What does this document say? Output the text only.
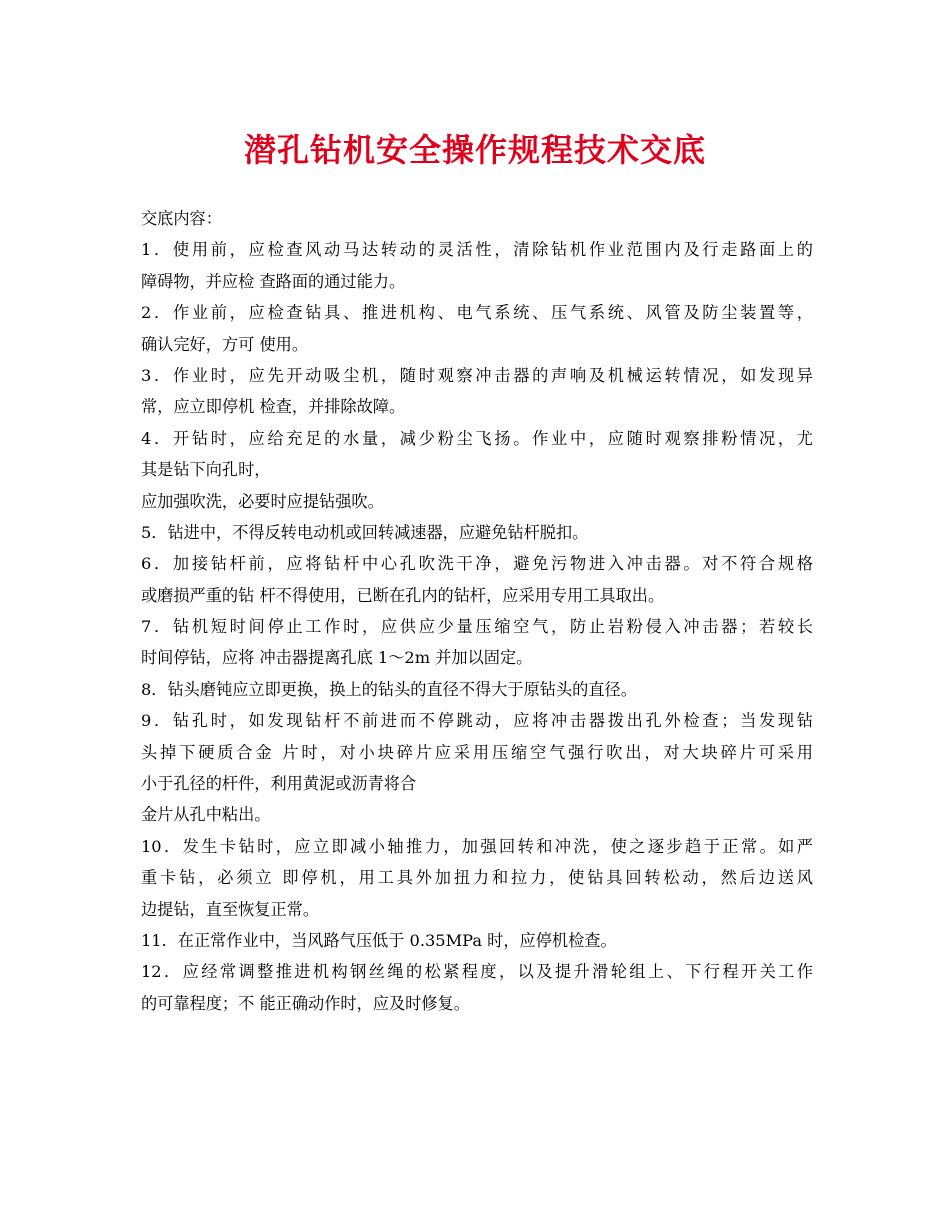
潜孔钻机安全操作规程技术交底
交底内容：
1．使用前，应检查风动马达转动的灵活性，清除钻机作业范围内及行走路面上的
障碍物，并应检 查路面的通过能力。
2．作业前，应检查钻具、推进机构、电气系统、压气系统、风管及防尘装置等，
确认完好，方可 使用。
3．作业时，应先开动吸尘机，随时观察冲击器的声响及机械运转情况，如发现异
常，应立即停机 检查，并排除故障。
4．开钻时，应给充足的水量，减少粉尘飞扬。作业中，应随时观察排粉情况，尤
其是钻下向孔时，
应加强吹洗，必要时应提钻强吹。
5．钻进中，不得反转电动机或回转减速器，应避免钻杆脱扣。
6．加接钻杆前，应将钻杆中心孔吹洗干净，避免污物进入冲击器。对不符合规格
或磨损严重的钻 杆不得使用，已断在孔内的钻杆，应采用专用工具取出。
7．钻机短时间停止工作时，应供应少量压缩空气，防止岩粉侵入冲击器；若较长
时间停钻，应将 冲击器提离孔底 1～2m 并加以固定。
8．钻头磨钝应立即更换，换上的钻头的直径不得大于原钻头的直径。
9．钻孔时，如发现钻杆不前进而不停跳动，应将冲击器拨出孔外检查；当发现钻
头掉下硬质合金 片时，对小块碎片应采用压缩空气强行吹出，对大块碎片可采用
小于孔径的杆件，利用黄泥或沥青将合
金片从孔中粘出。
10．发生卡钻时，应立即减小轴推力，加强回转和冲洗，使之逐步趋于正常。如严
重卡钻，必须立 即停机，用工具外加扭力和拉力，使钻具回转松动，然后边送风
边提钻，直至恢复正常。
11．在正常作业中，当风路气压低于 0.35MPa 时，应停机检查。
12．应经常调整推进机构钢丝绳的松紧程度，以及提升滑轮组上、下行程开关工作
的可靠程度；不 能正确动作时，应及时修复。
